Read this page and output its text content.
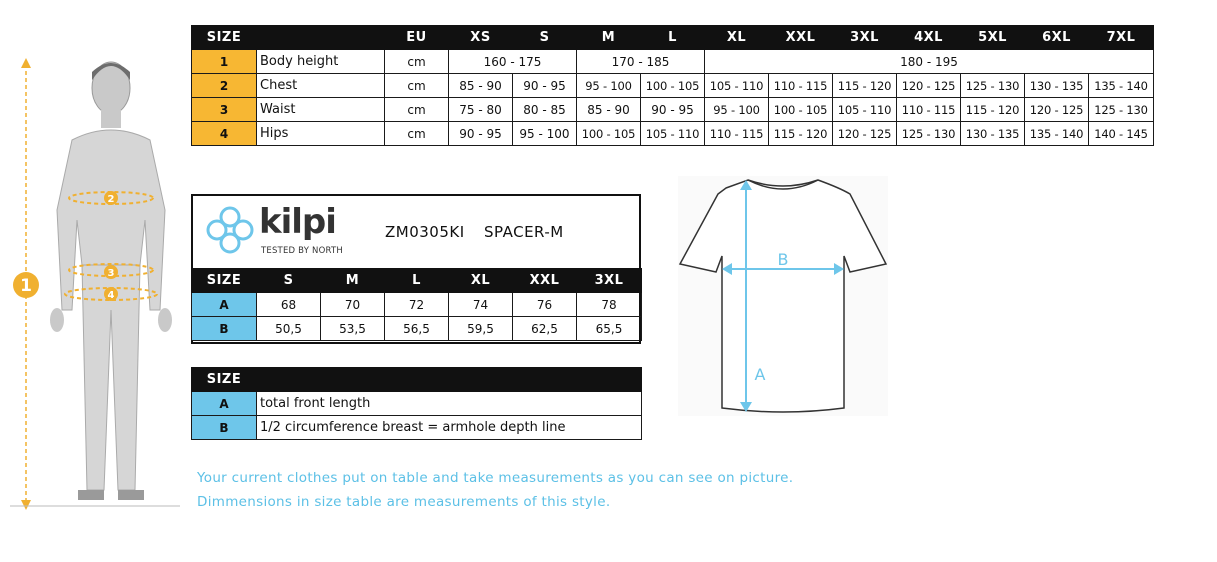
1
2
3
4
SIZE		EU	XS	S	M	L	XL	XXL	3XL	4XL	5XL	6XL	7XL
1	Body height	cm	160 - 175		170 - 185		180 - 195						
2	Chest	cm	85 - 90	90 - 95	95 - 100	100 - 105	105 - 110	110 - 115	115 - 120	120 - 125	125 - 130	130 - 135	135 - 140
3	Waist	cm	75 - 80	80 - 85	85 - 90	90 - 95	95 - 100	100 - 105	105 - 110	110 - 115	115 - 120	120 - 125	125 - 130
4	Hips	cm	90 - 95	95 - 100	100 - 105	105 - 110	110 - 115	115 - 120	120 - 125	125 - 130	130 - 135	135 - 140	140 - 145
kilpi
TESTED BY NORTH
ZM0305KI SPACER-M
SIZE	S	M	L	XL	XXL	3XL
A	68	70	72	74	76	78
B	50,5	53,5	56,5	59,5	62,5	65,5
SIZE	
A	total front length
B	1/2 circumference breast = armhole depth line
B
A
Your current clothes put on table and take measurements as you can see on picture.
Dimmensions in size table are measurements of this style.
